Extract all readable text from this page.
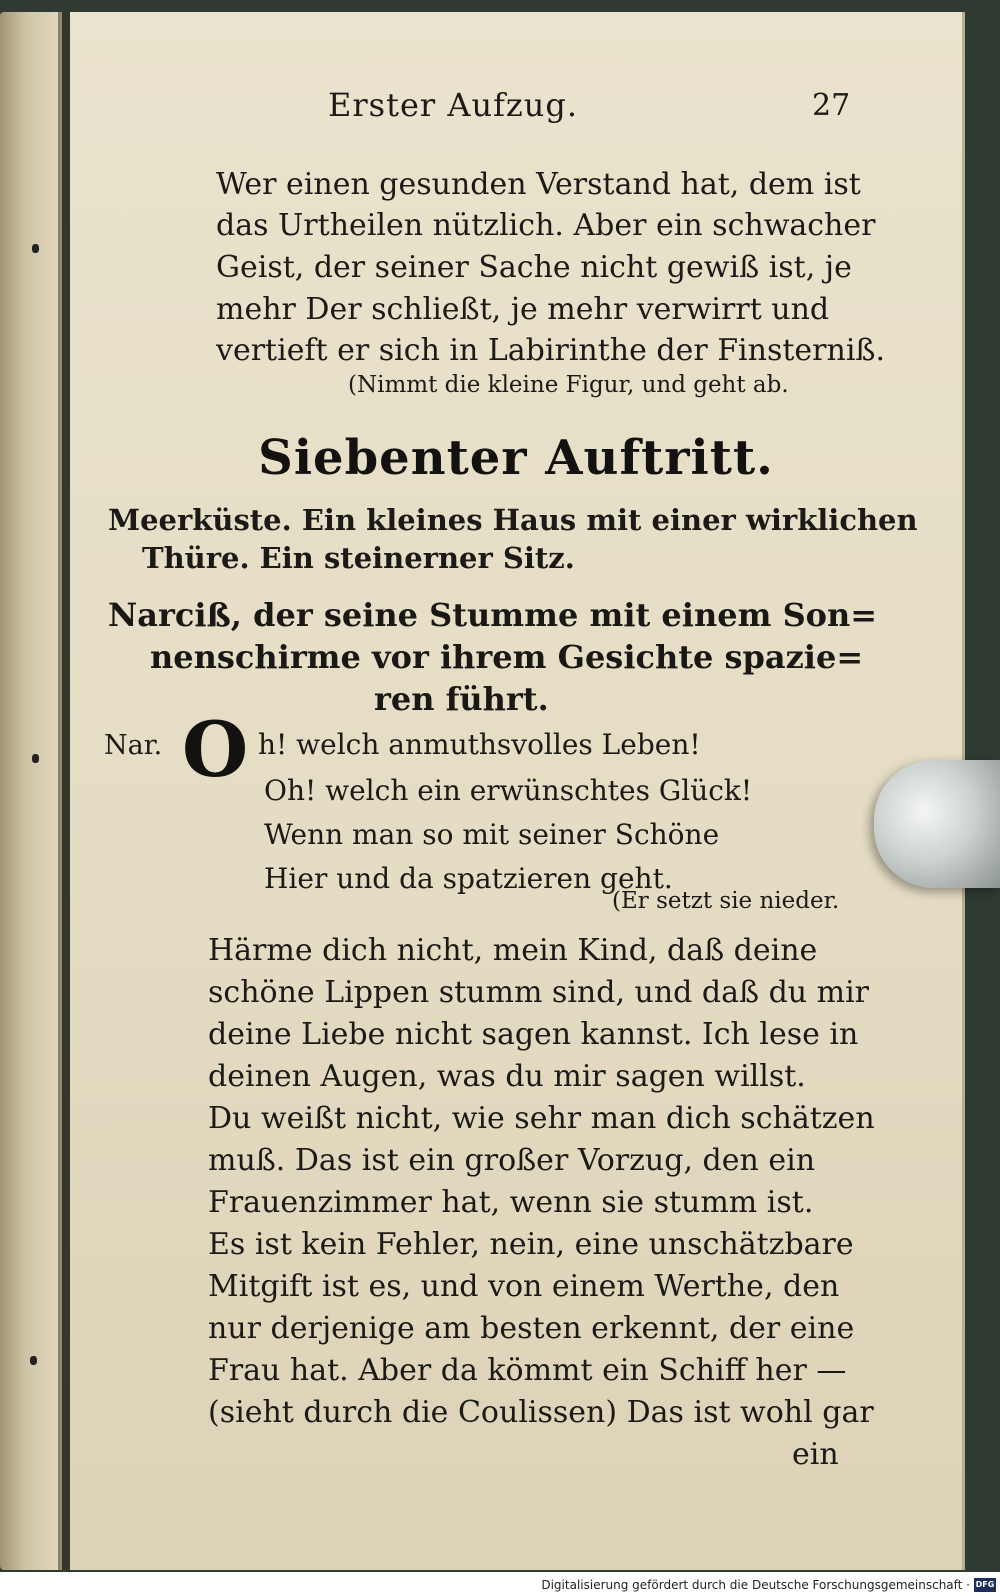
Erster Aufzug.	27
Wer einen gesunden Verstand hat, dem ist
das Urtheilen nützlich. Aber ein schwacher
Geist, der seiner Sache nicht gewiß ist, je
mehr Der schließt, je mehr verwirrt und
vertieft er sich in Labirinthe der Finsterniß.
(Nimmt die kleine Figur, und geht ab.
Siebenter Auftritt.
Meerküste. Ein kleines Haus mit einer wirklichen
Thüre. Ein steinerner Sitz.
Narciß, der seine Stumme mit einem Son=
nenschirme vor ihrem Gesichte spazie=
ren führt.
Nar. O h! welch anmuthsvolles Leben!
Oh! welch ein erwünschtes Glück!
Wenn man so mit seiner Schöne
Hier und da spatzieren geht.
(Er setzt sie nieder.
Härme dich nicht, mein Kind, daß deine
schöne Lippen stumm sind, und daß du mir
deine Liebe nicht sagen kannst. Ich lese in
deinen Augen, was du mir sagen willst.
Du weißt nicht, wie sehr man dich schätzen
muß. Das ist ein großer Vorzug, den ein
Frauenzimmer hat, wenn sie stumm ist.
Es ist kein Fehler, nein, eine unschätzbare
Mitgift ist es, und von einem Werthe, den
nur derjenige am besten erkennt, der eine
Frau hat. Aber da kömmt ein Schiff her —
(sieht durch die Coulissen) Das ist wohl gar
ein
Digitalisierung gefördert durch die Deutsche Forschungsgemeinschaft · DFG
